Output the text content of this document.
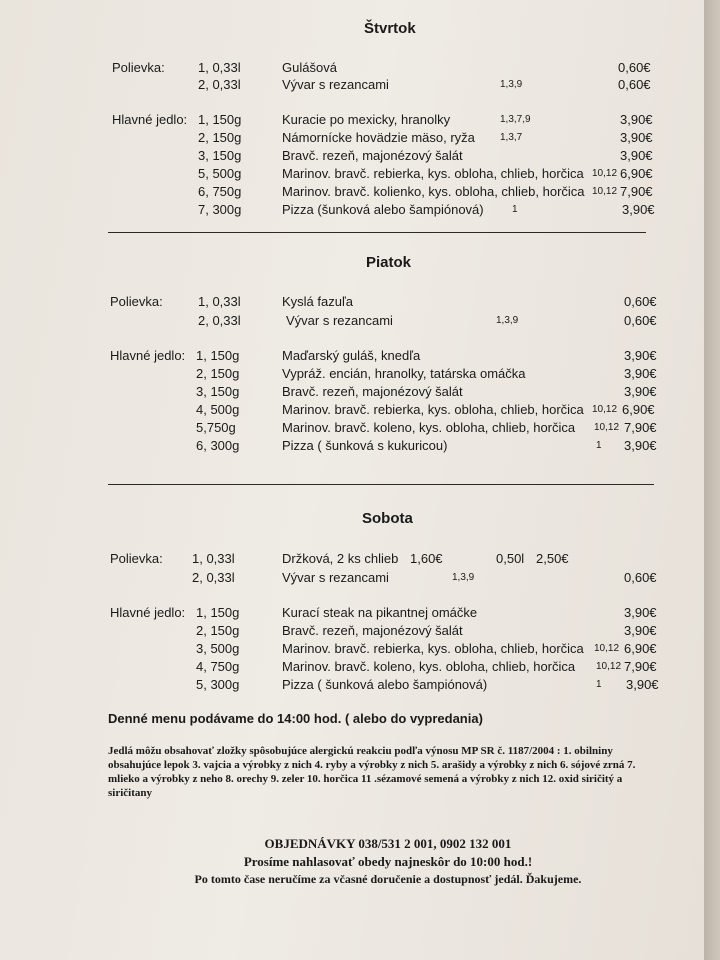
Štvrtok
Polievka:	1, 0,33l	Gulášová	0,60€
2, 0,33l	Vývar s rezancami	1,3,9	0,60€
Hlavné jedlo: 1, 150g	Kuracie po mexicky, hranolky	1,3,7,9	3,90€
2, 150g	Námornícke hovädzie mäso, ryža	1,3,7	3,90€
3, 150g	Bravč. rezeň, majonézový šalát	3,90€
5, 500g	Marinov. bravč. rebierka, kys. obloha, chlieb, horčica 10,12 6,90€
6, 750g	Marinov. bravč. kolienko, kys. obloha, chlieb, horčica 10,12 7,90€
7, 300g	Pizza (šunková alebo šampiónová)	1	3,90€
Piatok
Polievka:	1, 0,33l	Kyslá fazuľa	0,60€
2, 0,33l	Vývar s rezancami	1,3,9	0,60€
Hlavné jedlo: 1, 150g	Maďarský guláš, knedľa	3,90€
2, 150g	Vypráž. encián, hranolky, tatárska omáčka	3,90€
3, 150g	Bravč. rezeň, majonézový šalát	3,90€
4, 500g	Marinov. bravč. rebierka, kys. obloha, chlieb, horčica 10,12 6,90€
5,750g	Marinov. bravč. koleno, kys. obloha, chlieb, horčica 10,12 7,90€
6, 300g	Pizza ( šunková s kukuricou)	1 3,90€
Sobota
Polievka: 1, 0,33l	Držková, 2 ks chlieb 1,60€	0,50l 2,50€
2, 0,33l	Vývar s rezancami	1,3,9	0,60€
Hlavné jedlo: 1, 150g	Kurací steak na pikantnej omáčke	3,90€
2, 150g	Bravč. rezeň, majonézový šalát	3,90€
3, 500g	Marinov. bravč. rebierka, kys. obloha, chlieb, horčica 10,12 6,90€
4, 750g	Marinov. bravč. koleno, kys. obloha, chlieb, horčica 10,12 7,90€
5, 300g	Pizza ( šunková alebo šampiónová)	1 3,90€
Denné menu podávame do 14:00 hod. ( alebo do vypredania)
Jedlá môžu obsahovať zložky spôsobujúce alergickú reakciu podľa výnosu MP SR č. 1187/2004 : 1. obilniny obsahujúce lepok 3. vajcia a výrobky z nich 4. ryby a výrobky z nich 5. arašidy a výrobky z nich 6. sójové zrná 7. mlieko a výrobky z neho 8. orechy 9. zeler 10. horčica 11 .sézamové semená a výrobky z nich 12. oxid siričitý a siričitany
OBJEDNÁVKY 038/531 2 001, 0902 132 001
Prosíme nahlasovať obedy najneskôr do 10:00 hod.!
Po tomto čase neručíme za včasné doručenie a dostupnosť jedál. Ďakujeme.
